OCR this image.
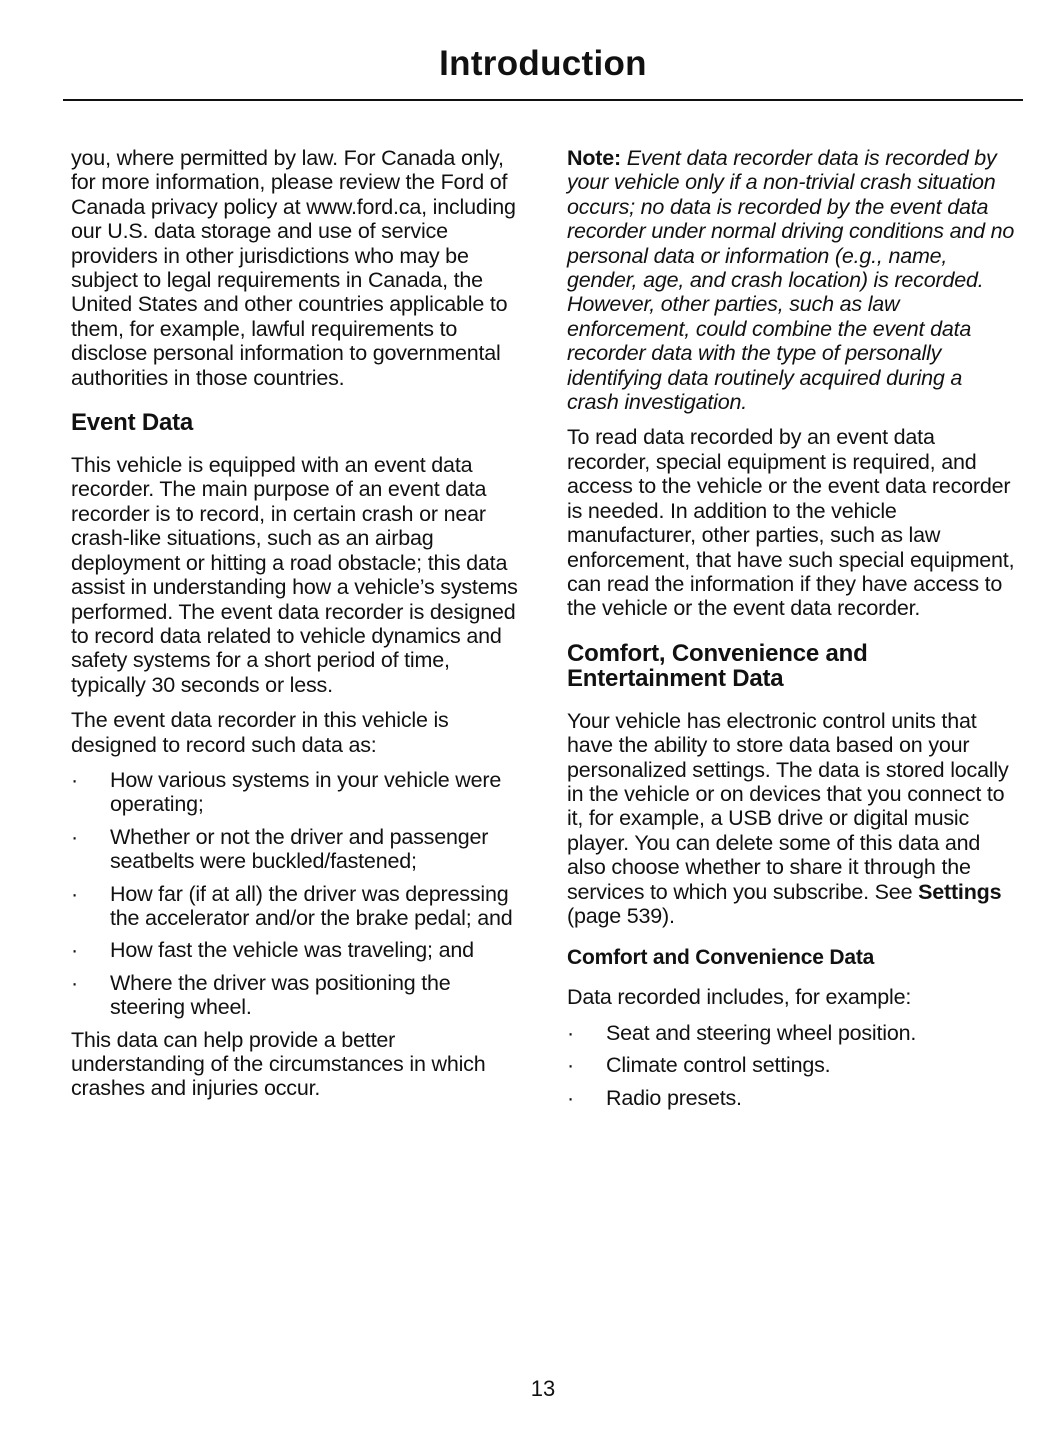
Introduction

you, where permitted by law. For Canada only, for more information, please review the Ford of Canada privacy policy at www.ford.ca, including our U.S. data storage and use of service providers in other jurisdictions who may be subject to legal requirements in Canada, the United States and other countries applicable to them, for example, lawful requirements to disclose personal information to governmental authorities in those countries.

Event Data

This vehicle is equipped with an event data recorder. The main purpose of an event data recorder is to record, in certain crash or near crash-like situations, such as an airbag deployment or hitting a road obstacle; this data assist in understanding how a vehicle’s systems performed. The event data recorder is designed to record data related to vehicle dynamics and safety systems for a short period of time, typically 30 seconds or less.

The event data recorder in this vehicle is designed to record such data as:

· How various systems in your vehicle were operating;
· Whether or not the driver and passenger seatbelts were buckled/fastened;
· How far (if at all) the driver was depressing the accelerator and/or the brake pedal; and
· How fast the vehicle was traveling; and
· Where the driver was positioning the steering wheel.

This data can help provide a better understanding of the circumstances in which crashes and injuries occur.

Note: Event data recorder data is recorded by your vehicle only if a non-trivial crash situation occurs; no data is recorded by the event data recorder under normal driving conditions and no personal data or information (e.g., name, gender, age, and crash location) is recorded. However, other parties, such as law enforcement, could combine the event data recorder data with the type of personally identifying data routinely acquired during a crash investigation.

To read data recorded by an event data recorder, special equipment is required, and access to the vehicle or the event data recorder is needed. In addition to the vehicle manufacturer, other parties, such as law enforcement, that have such special equipment, can read the information if they have access to the vehicle or the event data recorder.

Comfort, Convenience and Entertainment Data

Your vehicle has electronic control units that have the ability to store data based on your personalized settings. The data is stored locally in the vehicle or on devices that you connect to it, for example, a USB drive or digital music player. You can delete some of this data and also choose whether to share it through the services to which you subscribe. See Settings (page 539).

Comfort and Convenience Data

Data recorded includes, for example:

· Seat and steering wheel position.
· Climate control settings.
· Radio presets.
13
